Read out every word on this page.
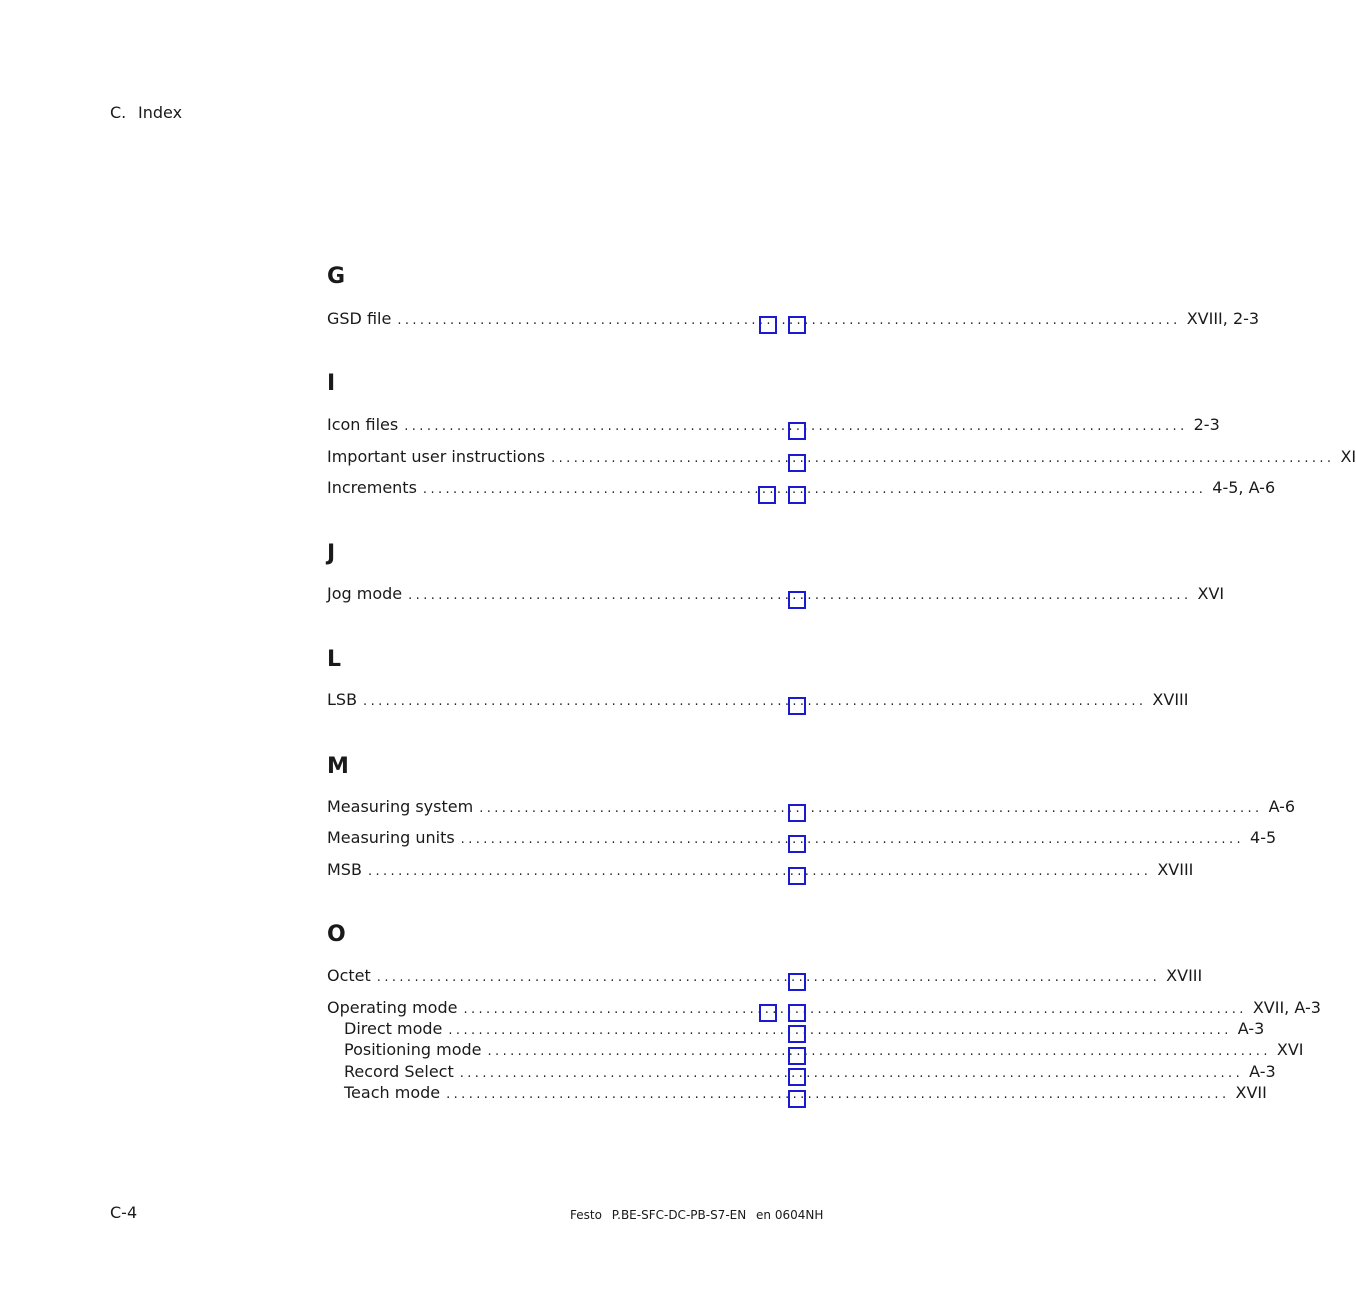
C. Index
G
GSD file ........................................................................................................ XVIII, 2-3
I
Icon files ........................................................................................................ 2-3
Important user instructions ........................................................................................................ XI
Increments ........................................................................................................ 4-5, A-6
J
Jog mode ........................................................................................................ XVI
L
LSB ........................................................................................................ XVIII
M
Measuring system ........................................................................................................ A-6
Measuring units ........................................................................................................ 4-5
MSB ........................................................................................................ XVIII
O
Octet ........................................................................................................ XVIII
Operating mode ........................................................................................................ XVII, A-3
Direct mode ........................................................................................................ A-3
Positioning mode ........................................................................................................ XVI
Record Select ........................................................................................................ A-3
Teach mode ........................................................................................................ XVII
C-4	Festo P.BE-SFC-DC-PB-S7-EN en 0604NH
